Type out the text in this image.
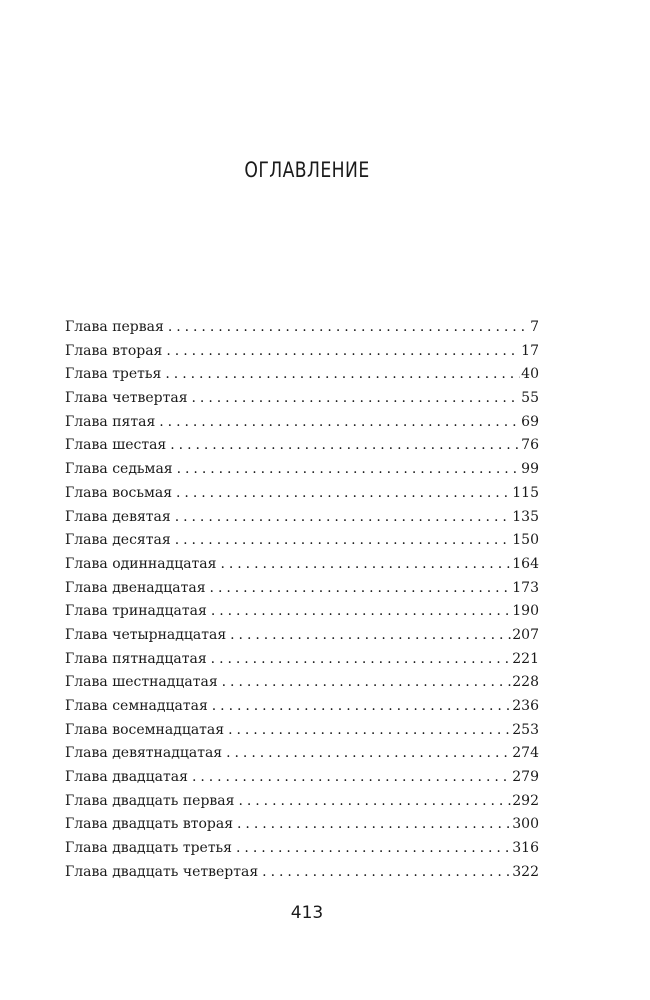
ОГЛАВЛЕНИЕ
Глава первая . . .	7
Глава вторая . . .	17
Глава третья . . .	40
Глава четвертая . . .	55
Глава пятая . . .	69
Глава шестая . . .	76
Глава седьмая . . .	99
Глава восьмая . . .	115
Глава девятая . . .	135
Глава десятая . . .	150
Глава одиннадцатая . . .	164
Глава двенадцатая . . .	173
Глава тринадцатая . . .	190
Глава четырнадцатая . . .	207
Глава пятнадцатая . . .	221
Глава шестнадцатая . . .	228
Глава семнадцатая . . .	236
Глава восемнадцатая . . .	253
Глава девятнадцатая . . .	274
Глава двадцатая . . .	279
Глава двадцать первая . . .	292
Глава двадцать вторая . . .	300
Глава двадцать третья . . .	316
Глава двадцать четвертая . . .	322
413
